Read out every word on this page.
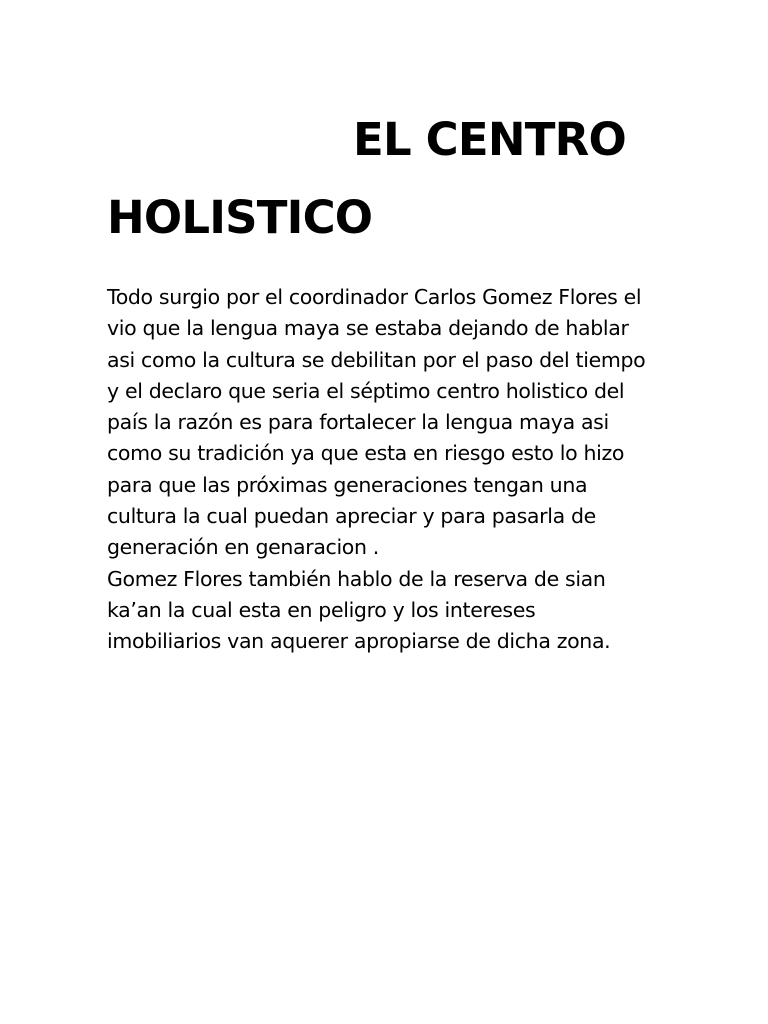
EL CENTRO
HOLISTICO
Todo surgio por el coordinador Carlos Gomez Flores el
vio que la lengua maya se estaba dejando de hablar
asi como la cultura se debilitan por el paso del tiempo
y el declaro que seria el séptimo centro holistico del
país la razón es para fortalecer la lengua maya asi
como su tradición ya que esta en riesgo esto lo hizo
para que las próximas generaciones tengan una
cultura la cual puedan apreciar y para pasarla de
generación en genaracion .
Gomez Flores también hablo de la reserva de sian
ka’an la cual esta en peligro y los intereses
imobiliarios van aquerer apropiarse de dicha zona.
